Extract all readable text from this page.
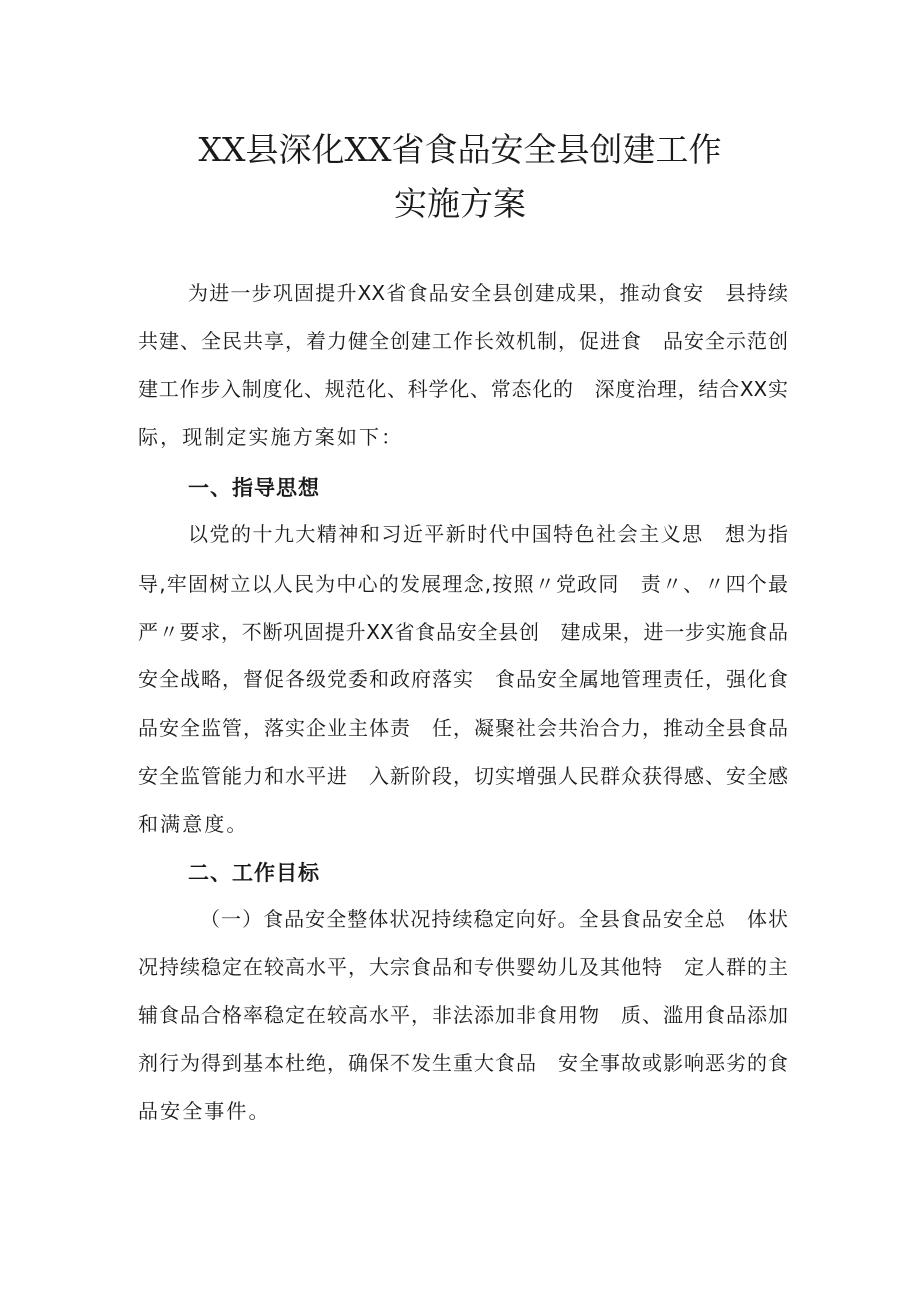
XX县深化XX省食品安全县创建工作
实施方案

为进一步巩固提升XX省食品安全县创建成果，推动食安　县持续

共建、全民共享，着力健全创建工作长效机制，促进食　品安全示范创

建工作步入制度化、规范化、科学化、常态化的　深度治理，结合XX实

际，现制定实施方案如下：

一、指导思想

以党的十九大精神和习近平新时代中国特色社会主义思　想为指

导,牢固树立以人民为中心的发展理念,按照〃党政同　责〃、〃四个最

严〃要求，不断巩固提升XX省食品安全县创　建成果，进一步实施食品

安全战略，督促各级党委和政府落实　食品安全属地管理责任，强化食

品安全监管，落实企业主体责　任，凝聚社会共治合力，推动全县食品

安全监管能力和水平进　入新阶段，切实增强人民群众获得感、安全感

和满意度。

二、工作目标

（一）食品安全整体状况持续稳定向好。全县食品安全总　体状

况持续稳定在较高水平，大宗食品和专供婴幼儿及其他特　定人群的主

辅食品合格率稳定在较高水平，非法添加非食用物　质、滥用食品添加

剂行为得到基本杜绝，确保不发生重大食品　安全事故或影响恶劣的食

品安全事件。
